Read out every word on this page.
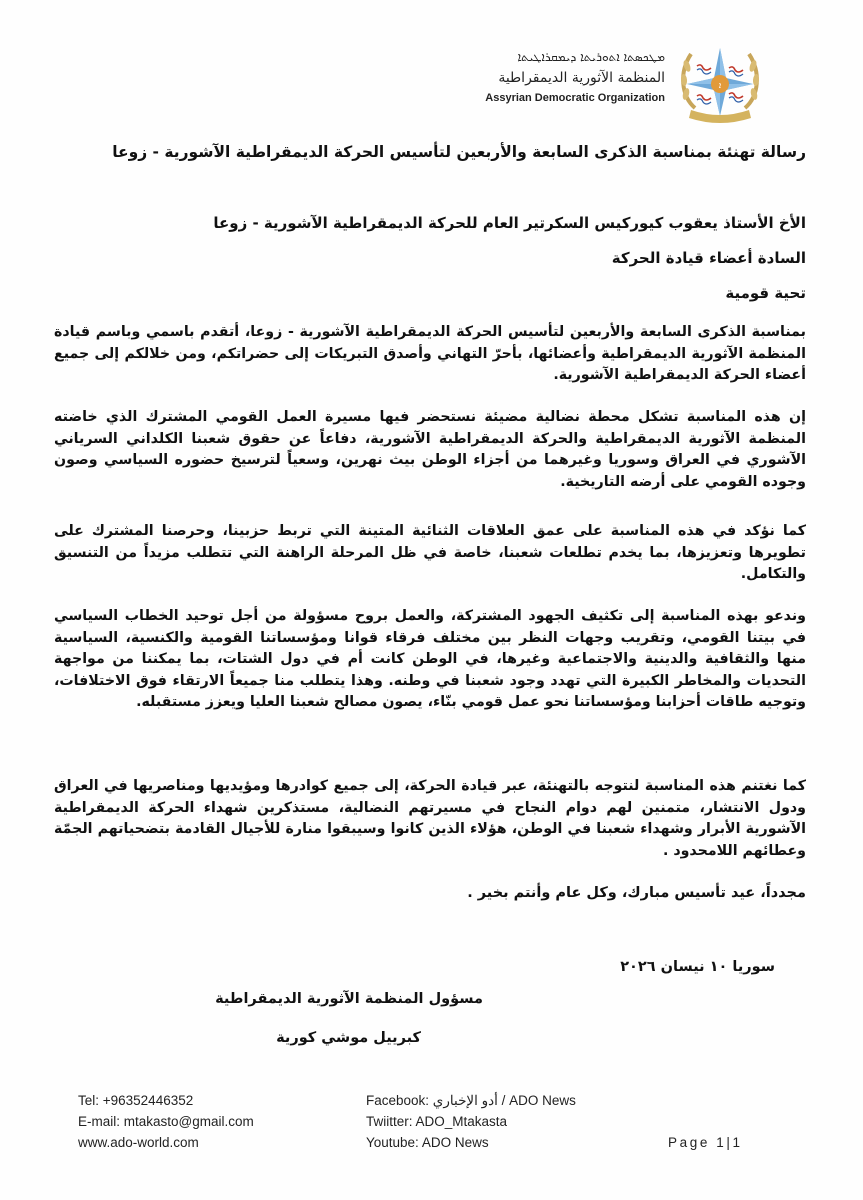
ܡܛܟܣܬܐ ܐܬܘܪܝܬܐ ܕܝܡܩܪܐܛܝܬܐ
المنظمة الآثورية الديمقراطية
Assyrian Democratic Organization
ܐ
رسالة تهنئة بمناسبة الذكرى السابعة والأربعين لتأسيس الحركة الديمقراطية الآشورية - زوعا
الأخ الأستاذ يعقوب كيوركيس السكرتير العام للحركة الديمقراطية الآشورية - زوعا
السادة أعضاء قيادة الحركة
تحية قومية
بمناسبة الذكرى السابعة والأربعين لتأسيس الحركة الديمقراطية الآشورية - زوعا، أتقدم باسمي وباسم قيادة المنظمة الآثورية الديمقراطية وأعضائها، بأحرّ التهاني وأصدق التبريكات إلى حضراتكم، ومن خلالكم إلى جميع أعضاء الحركة الديمقراطية الآشورية.
إن هذه المناسبة تشكل محطة نضالية مضيئة نستحضر فيها مسيرة العمل القومي المشترك الذي خاضته المنظمة الآثورية الديمقراطية والحركة الديمقراطية الآشورية، دفاعاً عن حقوق شعبنا الكلداني السرياني الآشوري في العراق وسوريا وغيرهما من أجزاء الوطن بيث نهرين، وسعياً لترسيخ حضوره السياسي وصون وجوده القومي على أرضه التاريخية.
كما نؤكد في هذه المناسبة على عمق العلاقات الثنائية المتينة التي تربط حزبينا، وحرصنا المشترك على تطويرها وتعزيزها، بما يخدم تطلعات شعبنا، خاصة في ظل المرحلة الراهنة التي تتطلب مزيداً من التنسيق والتكامل.
وندعو بهذه المناسبة إلى تكثيف الجهود المشتركة، والعمل بروح مسؤولة من أجل توحيد الخطاب السياسي في بيتنا القومي، وتقريب وجهات النظر بين مختلف فرقاء قوانا ومؤسساتنا القومية والكنسية، السياسية منها والثقافية والدينية والاجتماعية وغيرها، في الوطن كانت أم في دول الشتات، بما يمكننا من مواجهة التحديات والمخاطر الكبيرة التي تهدد وجود شعبنا في وطنه. وهذا يتطلب منا جميعاً الارتقاء فوق الاختلافات، وتوجيه طاقات أحزابنا ومؤسساتنا نحو عمل قومي بنّاء، يصون مصالح شعبنا العليا ويعزز مستقبله.
كما نغتنم هذه المناسبة لنتوجه بالتهنئة، عبر قيادة الحركة، إلى جميع كوادرها ومؤيديها ومناصريها في العراق ودول الانتشار، متمنين لهم دوام النجاح في مسيرتهم النضالية، مستذكرين شهداء الحركة الديمقراطية الآشورية الأبرار وشهداء شعبنا في الوطن، هؤلاء الذين كانوا وسيبقوا منارة للأجيال القادمة بتضحياتهم الجمّة وعطائهم اللامحدود .
مجدداً، عيد تأسيس مبارك، وكل عام وأنتم بخير .
سوريا ١٠ نيسان ٢٠٢٦
مسؤول المنظمة الآثورية الديمقراطية
كبرييل موشي كورية
Tel: +96352446352
E-mail: mtakasto@gmail.com
www.ado-world.com
Facebook: أدو الإخباري / ADO News
Twiitter: ADO_Mtakasta
Youtube: ADO News	Page 1|1
